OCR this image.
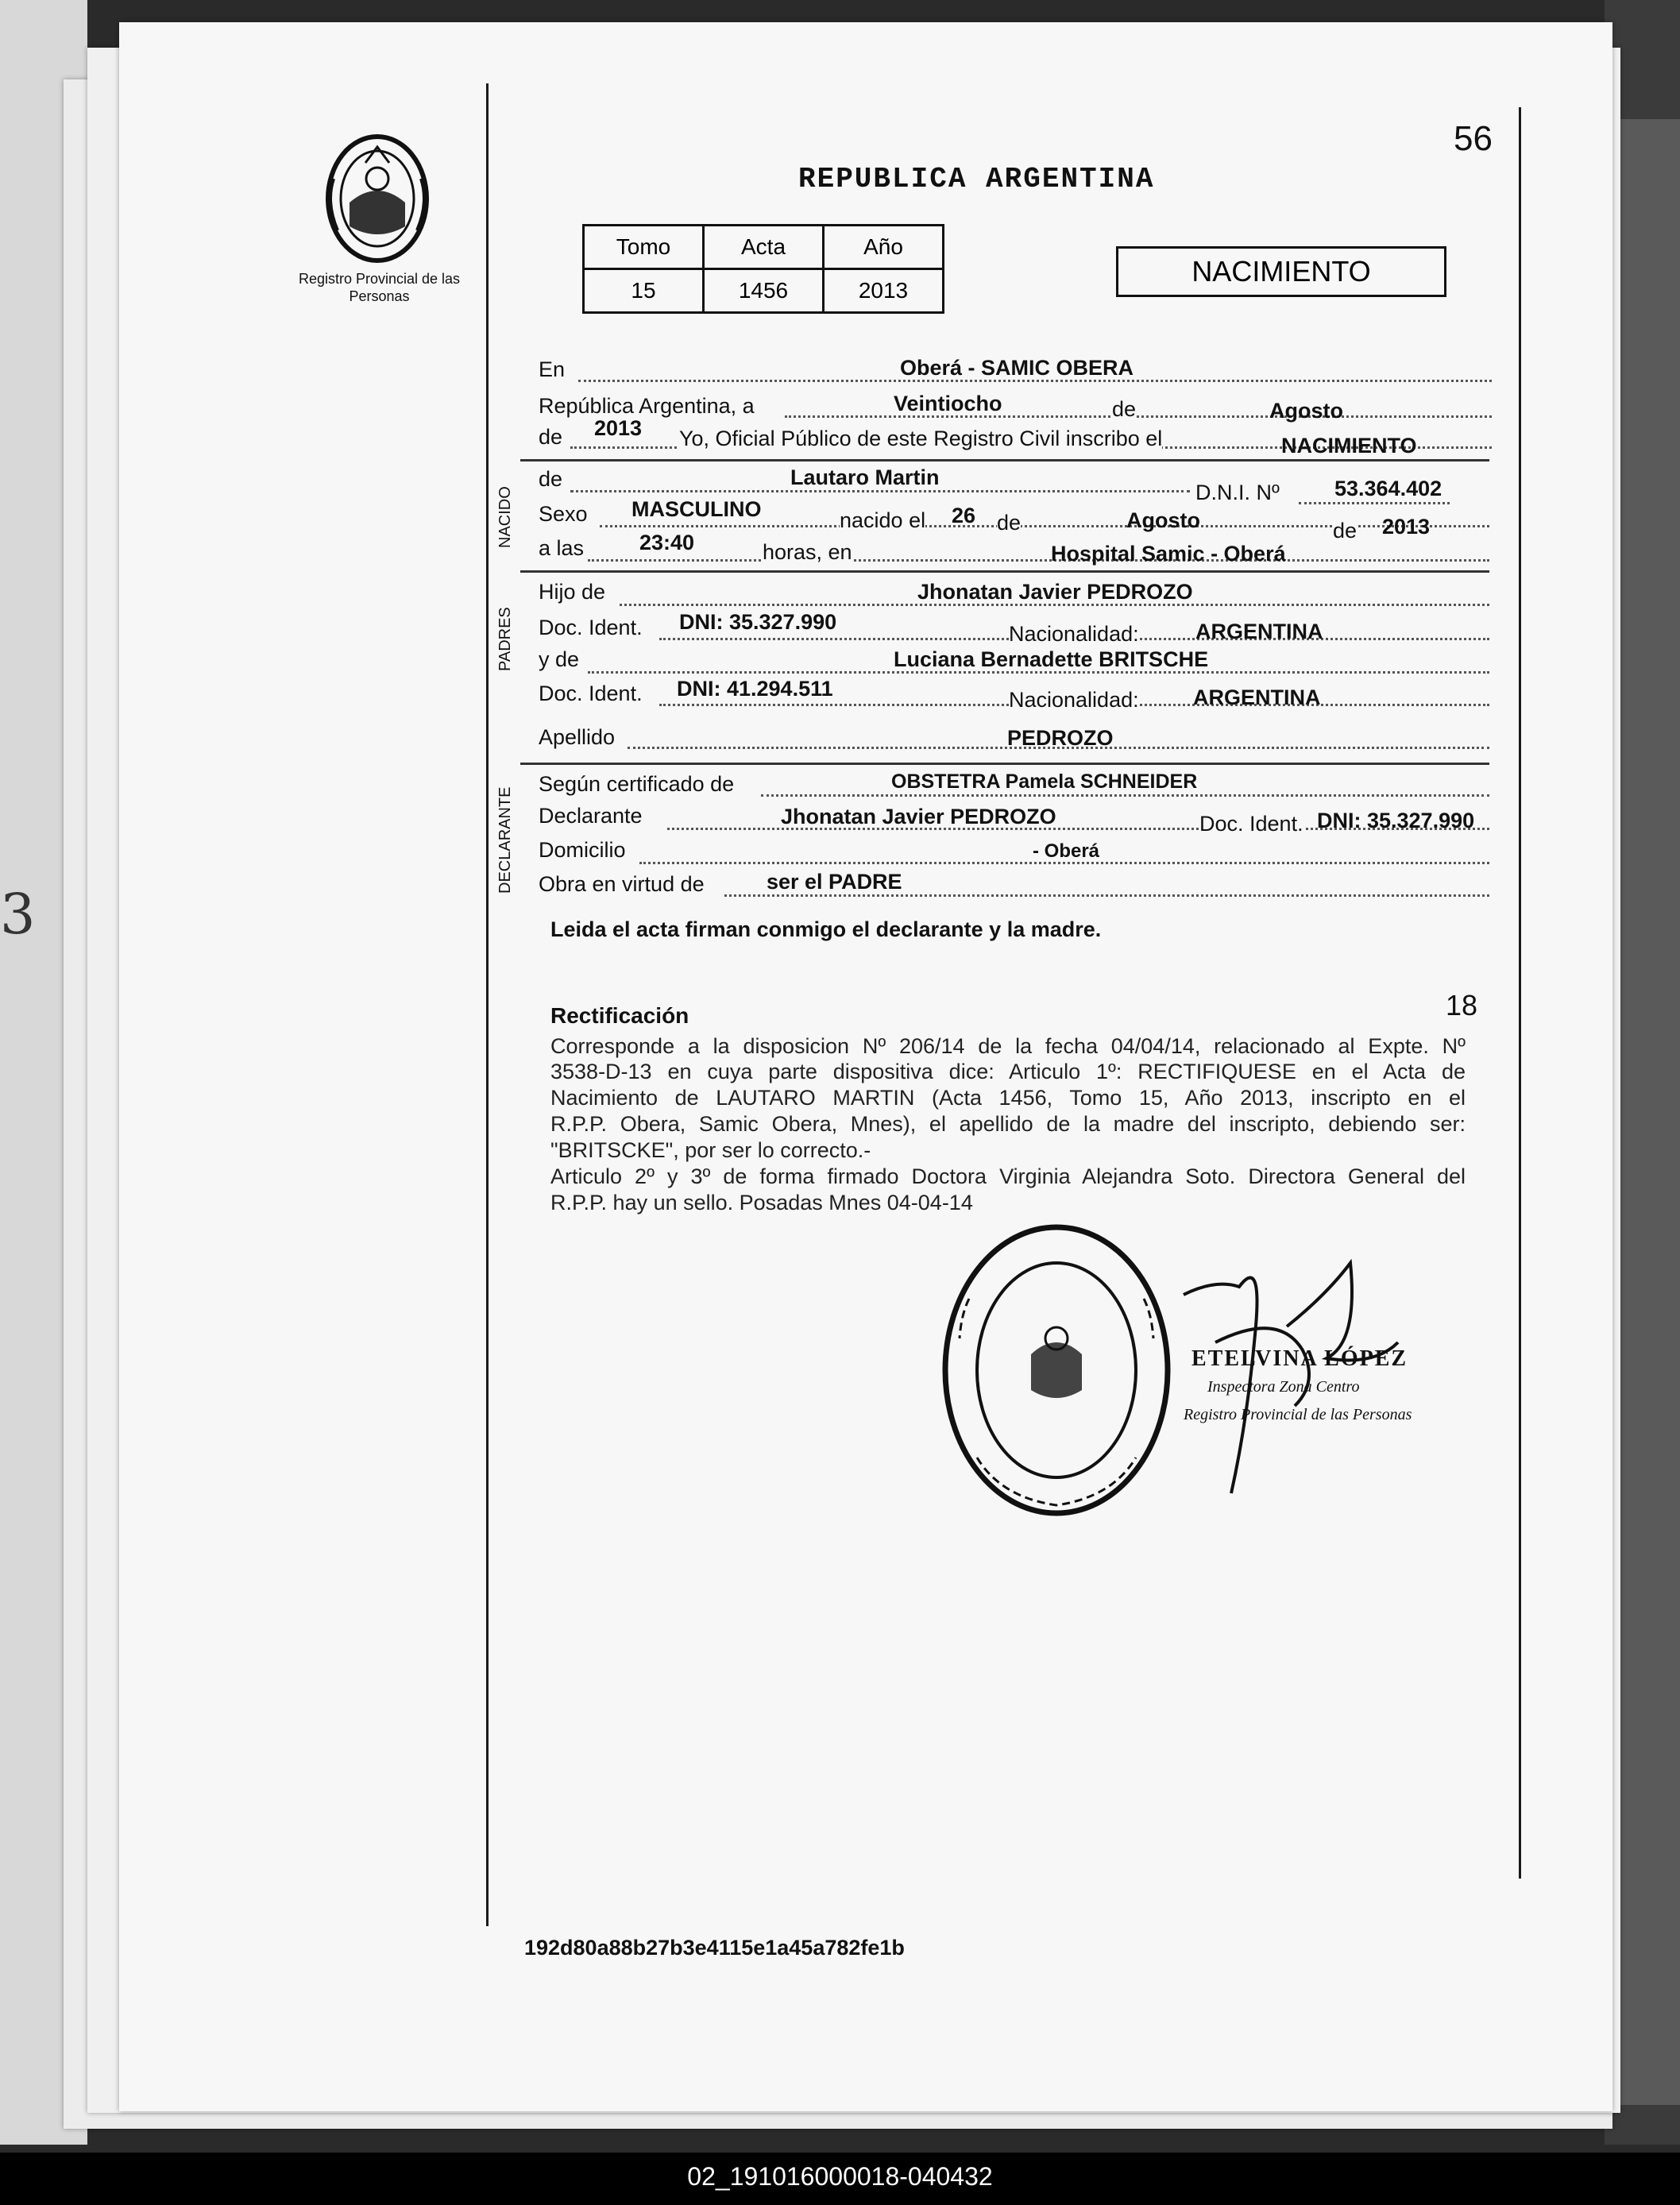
3
Registro Provincial de las Personas
REPUBLICA ARGENTINA
56
Tomo	Acta	Año
15	1456	2013
NACIMIENTO
En	Oberá - SAMIC OBERA
República Argentina, a	Veintiocho	de	Agosto
de 2013 Yo, Oficial Público de este Registro Civil inscribo el	NACIMIENTO
NACIDO
PADRES
DECLARANTE
de	Lautaro Martin
D.N.I. Nº	53.364.402
Sexo MASCULINO	nacido el 26 de	Agosto	de 2013
a las	23:40	horas, en	Hospital Samic - Oberá
Hijo de	Jhonatan Javier PEDROZO
Doc. Ident. DNI: 35.327.990	Nacionalidad:	ARGENTINA
y de	Luciana Bernadette BRITSCHE
Doc. Ident. DNI: 41.294.511	Nacionalidad:	ARGENTINA
Apellido	PEDROZO
Según certificado de	OBSTETRA Pamela SCHNEIDER
Declarante	Jhonatan Javier PEDROZO	Doc. Ident. DNI: 35.327.990
Domicilio	- Oberá
Obra en virtud de	ser el PADRE
Leida el acta firman conmigo el declarante y la madre.
18
Rectificación
Corresponde a la disposicion Nº 206/14 de la fecha 04/04/14, relacionado al Expte. Nº
3538-D-13 en cuya parte dispositiva dice: Articulo 1º: RECTIFIQUESE en el Acta de
Nacimiento de LAUTARO MARTIN (Acta 1456, Tomo 15, Año 2013, inscripto en el
R.P.P. Obera, Samic Obera, Mnes), el apellido de la madre del inscripto, debiendo ser:
"BRITSCKE", por ser lo correcto.-
Articulo 2º y 3º de forma firmado Doctora Virginia Alejandra Soto. Directora General del
R.P.P. hay un sello. Posadas Mnes 04-04-14
ETELVINA LÓPEZ
Inspectora Zona Centro
Registro Provincial de las Personas
192d80a88b27b3e4115e1a45a782fe1b
02_191016000018-040432
